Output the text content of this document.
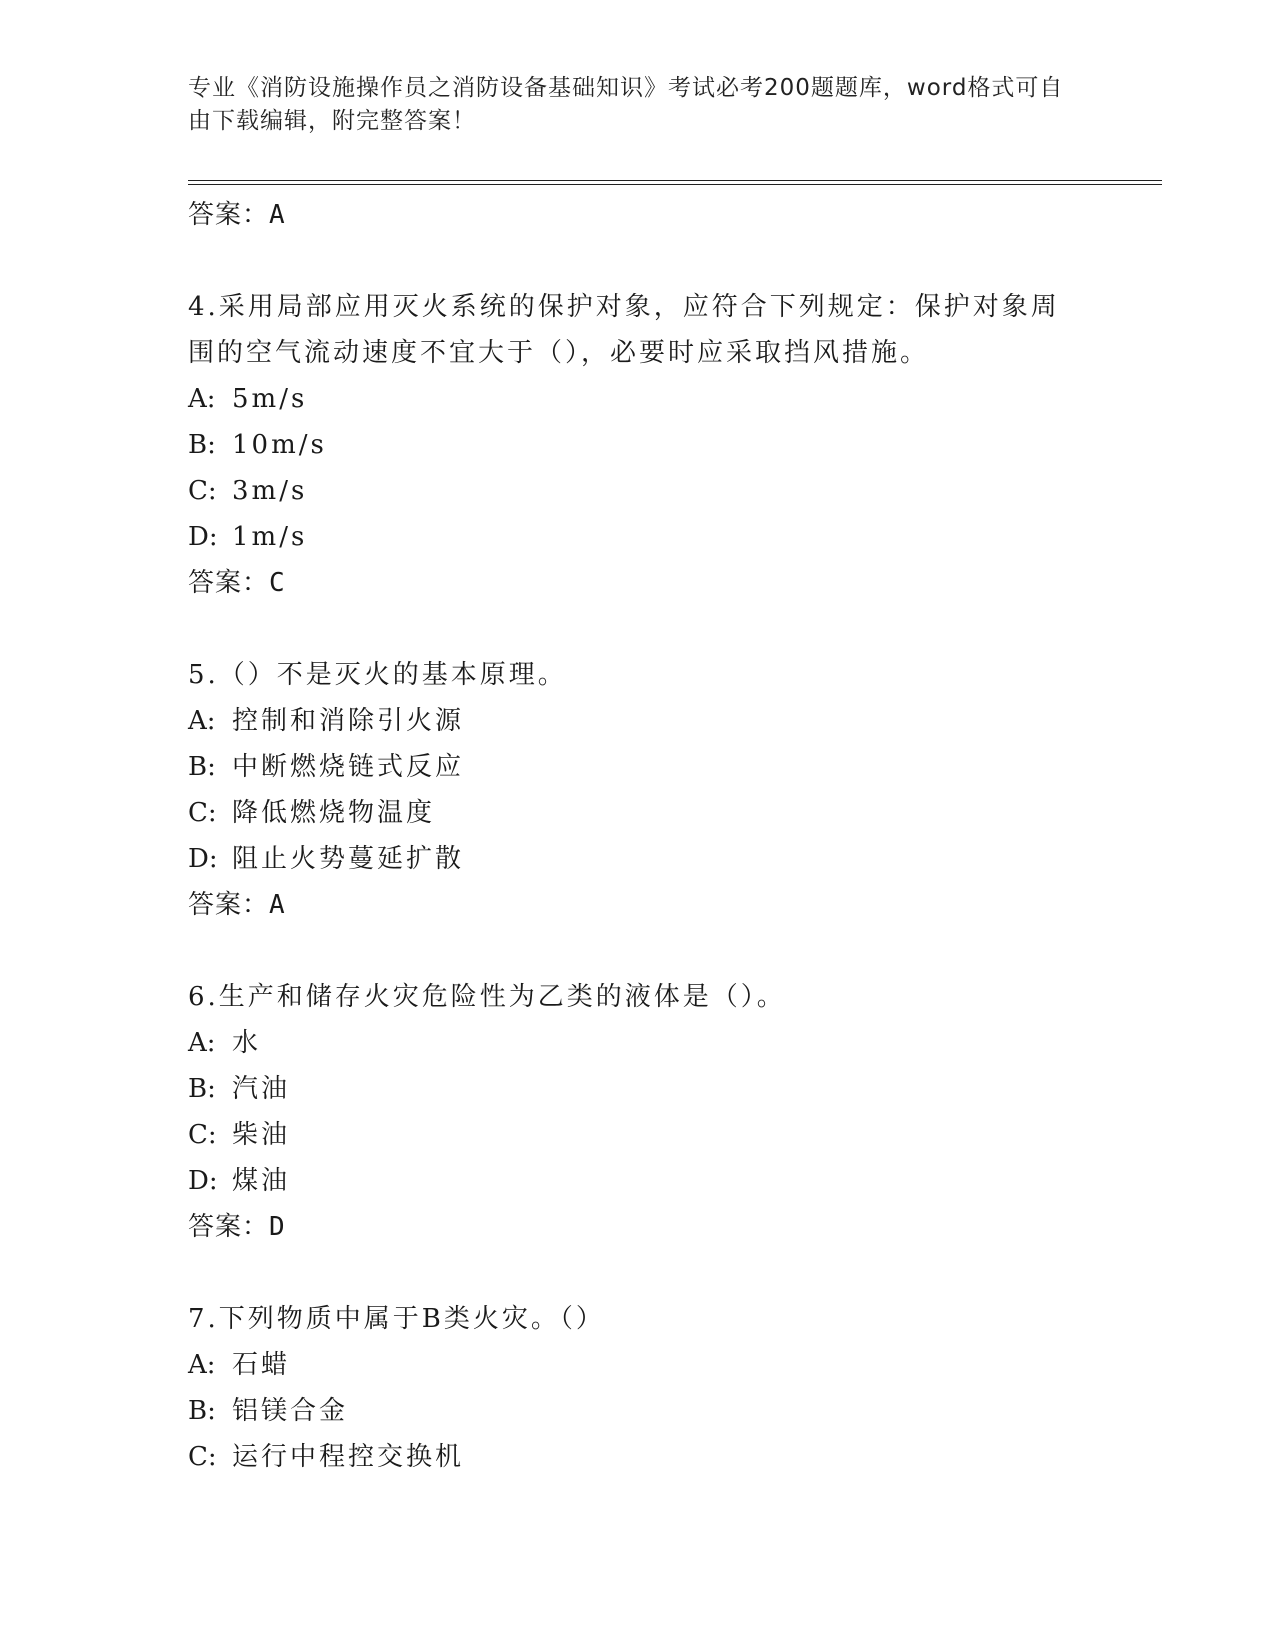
专业《消防设施操作员之消防设备基础知识》考试必考200题题库，word格式可自由下载编辑，附完整答案！
答案：A
4.采用局部应用灭火系统的保护对象，应符合下列规定：保护对象周
围的空气流动速度不宜大于（），必要时应采取挡风措施。
A: 5m/s
B: 10m/s
C: 3m/s
D: 1m/s
答案：C
5.（）不是灭火的基本原理。
A: 控制和消除引火源
B: 中断燃烧链式反应
C: 降低燃烧物温度
D: 阻止火势蔓延扩散
答案：A
6.生产和储存火灾危险性为乙类的液体是（）。
A: 水
B: 汽油
C: 柴油
D: 煤油
答案：D
7.下列物质中属于B类火灾。（）
A: 石蜡
B: 铝镁合金
C: 运行中程控交换机
